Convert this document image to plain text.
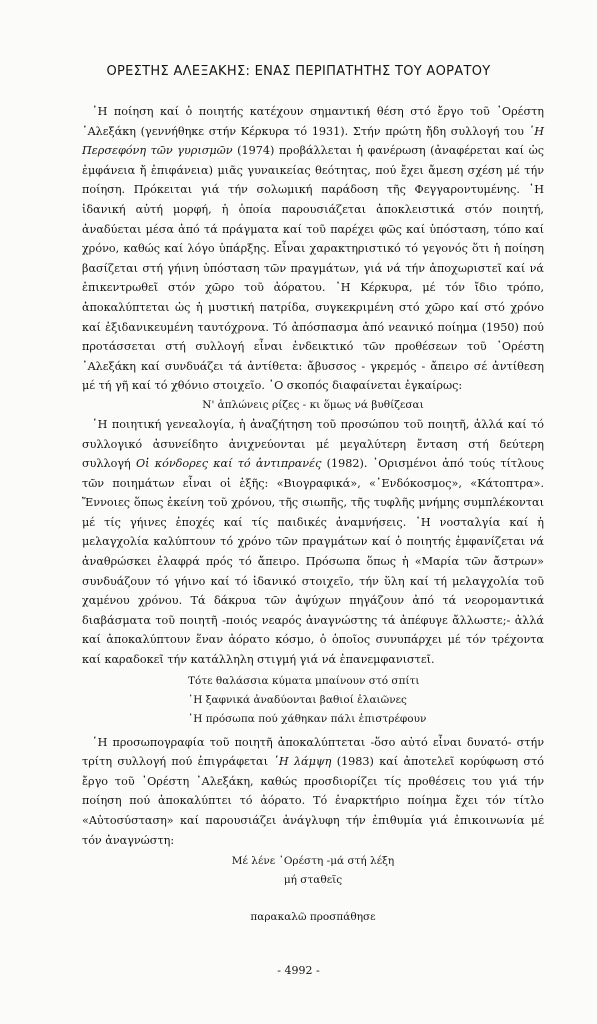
ΟΡΕΣΤΗΣ ΑΛΕΞΑΚΗΣ: ΕΝΑΣ ΠΕΡΙΠΑΤΗΤΗΣ ΤΟΥ ΑΟΡΑΤΟΥ

῾Η ποίηση καί ὁ ποιητής κατέχουν σημαντική θέση στό ἔργο τοῦ ᾿Ορέστη ᾿Αλεξάκη (γεννήθηκε στήν Κέρκυρα τό 1931). Στήν πρώτη ἤδη συλλογή του ῾Η Περσεφόνη τῶν γυρισμῶν (1974) προβάλλεται ἡ φανέρωση (ἀναφέρεται καί ὡς ἐμφάνεια ἤ ἐπιφάνεια) μιᾶς γυναικείας θεότητας, πού ἔχει ἄμεση σχέση μέ τήν ποίηση. Πρόκειται γιά τήν σολωμική παράδοση τῆς Φεγγαροντυμένης. ῾Η ἰδανική αὐτή μορφή, ἡ ὁποία παρουσιάζεται ἀποκλειστικά στόν ποιητή, ἀναδύεται μέσα ἀπό τά πράγματα καί τοῦ παρέχει φῶς καί ὑπόσταση, τόπο καί χρόνο, καθώς καί λόγο ὑπάρξης. Εἶναι χαρακτηριστικό τό γεγονός ὅτι ἡ ποίηση βασίζεται στή γήινη ὑπόσταση τῶν πραγμάτων, γιά νά τήν ἀποχωριστεῖ καί νά ἐπικεντρωθεῖ στόν χῶρο τοῦ ἀόρατου. ῾Η Κέρκυρα, μέ τόν ἴδιο τρόπο, ἀποκαλύπτεται ὡς ἡ μυστική πατρίδα, συγκεκριμένη στό χῶρο καί στό χρόνο καί ἐξιδανικευμένη ταυτόχρονα. Τό ἀπόσπασμα ἀπό νεανικό ποίημα (1950) πού προτάσσεται στή συλλογή εἶναι ἐνδεικτικό τῶν προθέσεων τοῦ ᾿Ορέστη ᾿Αλεξάκη καί συνδυάζει τά ἀντίθετα: ἄβυσσος - γκρεμός - ἄπειρο σέ ἀντίθεση μέ τή γῆ καί τό χθόνιο στοιχεῖο. ῾Ο σκοπός διαφαίνεται ἐγκαίρως:

Ν' ἁπλώνεις ρίζες - κι ὅμως νά βυθίζεσαι

῾Η ποιητική γενεαλογία, ἡ ἀναζήτηση τοῦ προσώπου τοῦ ποιητῆ, ἀλλά καί τό συλλογικό ἀσυνείδητο ἀνιχνεύονται μέ μεγαλύτερη ἔνταση στή δεύτερη συλλογή Οἱ κόνδορες καί τό ἀντιπρανές (1982). ᾿Ορισμένοι ἀπό τούς τίτλους τῶν ποιημάτων εἶναι οἱ ἑξῆς: «Βιογραφικά», «᾿Ενδόκοσμος», «Κάτοπτρα». Ἔννοιες ὅπως ἐκείνη τοῦ χρόνου, τῆς σιωπῆς, τῆς τυφλῆς μνήμης συμπλέκονται μέ τίς γήινες ἐποχές καί τίς παιδικές ἀναμνήσεις. ῾Η νοσταλγία καί ἡ μελαγχολία καλύπτουν τό χρόνο τῶν πραγμάτων καί ὁ ποιητής ἐμφανίζεται νά ἀναθρώσκει ἐλαφρά πρός τό ἄπειρο. Πρόσωπα ὅπως ἡ «Μαρία τῶν ἄστρων» συνδυάζουν τό γήινο καί τό ἰδανικό στοιχεῖο, τήν ὕλη καί τή μελαγχολία τοῦ χαμένου χρόνου. Τά δάκρυα τῶν ἀψύχων πηγάζουν ἀπό τά νεορομαντικά διαβάσματα τοῦ ποιητῆ -ποιός νεαρός ἀναγνώστης τά ἀπέφυγε ἄλλωστε;- ἀλλά καί ἀποκαλύπτουν ἕναν ἀόρατο κόσμο, ὁ ὁποῖος συνυπάρχει μέ τόν τρέχοντα καί καραδοκεῖ τήν κατάλληλη στιγμή γιά νά ἐπανεμφανιστεῖ.

Τότε θαλάσσια κύματα μπαίνουν στό σπίτι

῾Η ξαφνικά ἀναδύονται βαθιοί ἐλαιῶνες

῾Η πρόσωπα πού χάθηκαν πάλι ἐπιστρέφουν

῾Η προσωπογραφία τοῦ ποιητῆ ἀποκαλύπτεται -ὅσο αὐτό εἶναι δυνατό- στήν τρίτη συλλογή πού ἐπιγράφεται ῾Η λάμψη (1983) καί ἀποτελεῖ κορύφωση στό ἔργο τοῦ ᾿Ορέστη ᾿Αλεξάκη, καθώς προσδιορίζει τίς προθέσεις του γιά τήν ποίηση πού ἀποκαλύπτει τό ἀόρατο. Τό ἐναρκτήριο ποίημα ἔχει τόν τίτλο «Αὐτοσύσταση» καί παρουσιάζει ἀνάγλυφη τήν ἐπιθυμία γιά ἐπικοινωνία μέ τόν ἀναγνώστη:

Μέ λένε ᾿Ορέστη -μά στή λέξη

μή σταθεῖς

παρακαλῶ προσπάθησε

- 4992 -
